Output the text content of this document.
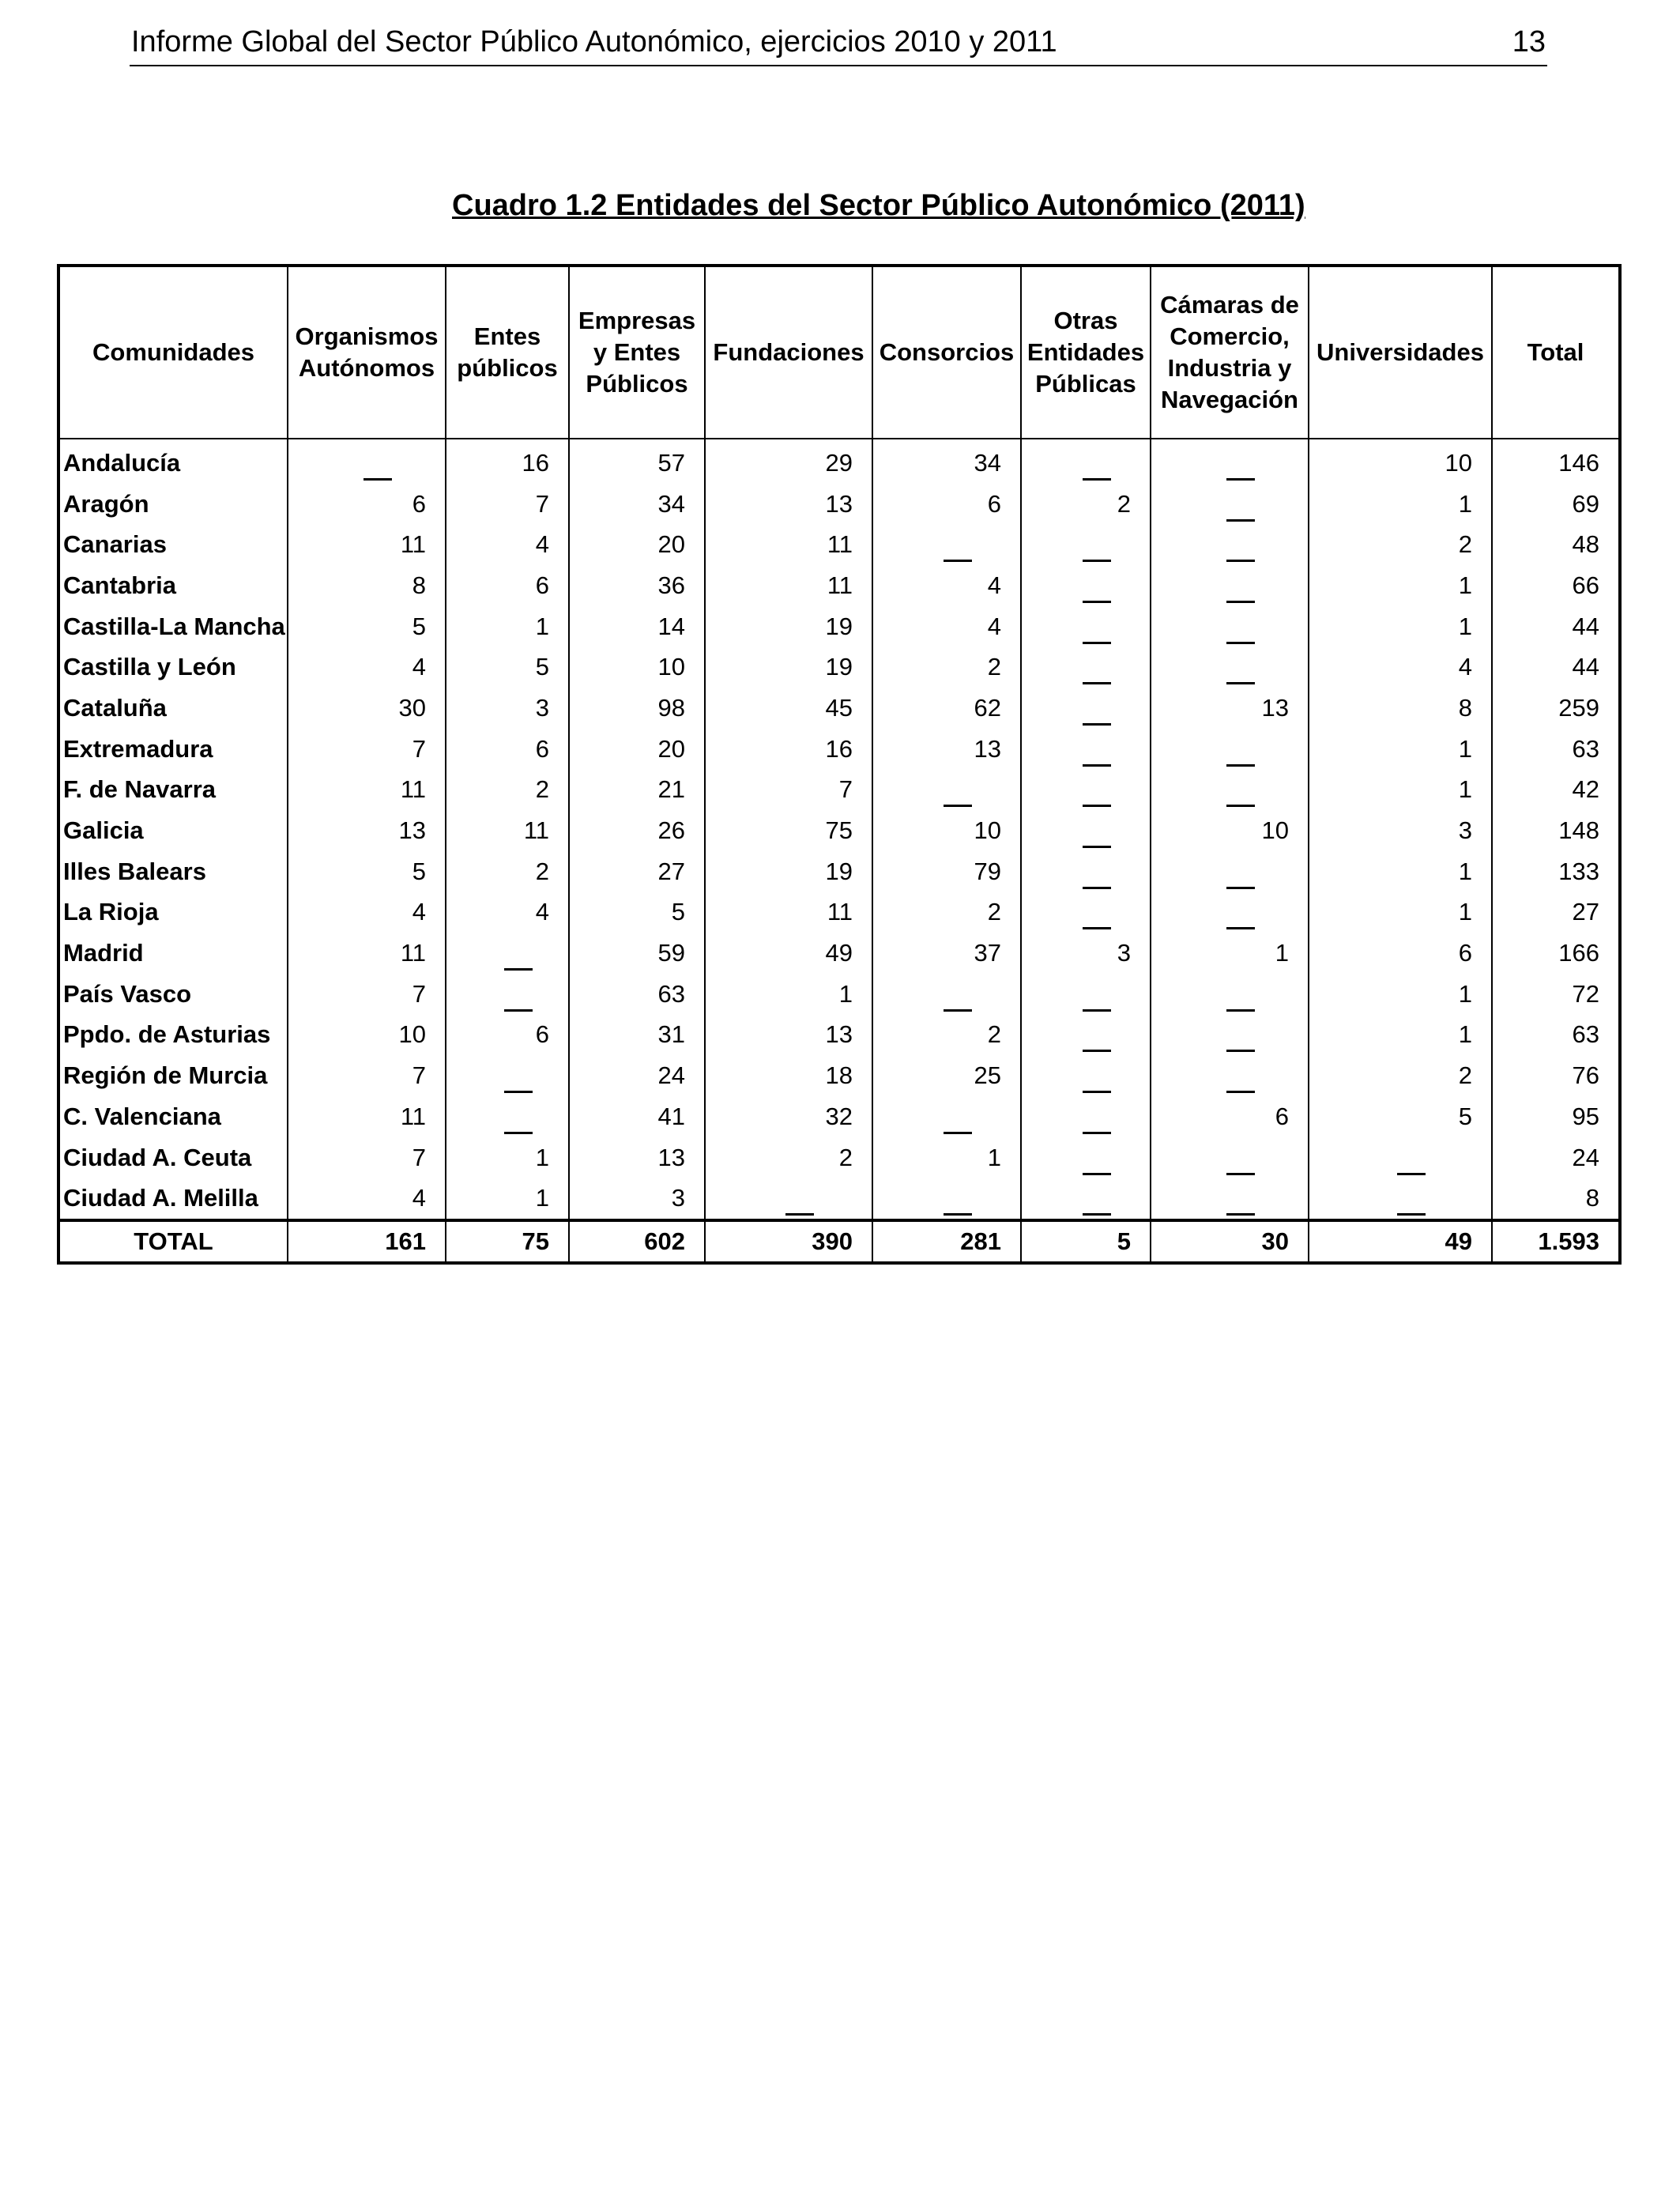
Informe Global del Sector Público Autonómico, ejercicios 2010 y 2011	13
Cuadro 1.2 Entidades del Sector Público Autonómico (2011)
Comunidades	Organismos Autónomos	Entes públicos	Empresas y Entes Públicos	Fundaciones	Consorcios	Otras Entidades Públicas	Cámaras de Comercio, Industria y Navegación	Universidades	Total
Andalucía		16	57	29	34			10	146
Aragón	6	7	34	13	6	2		1	69
Canarias	11	4	20	11				2	48
Cantabria	8	6	36	11	4			1	66
Castilla-La Mancha	5	1	14	19	4			1	44
Castilla y León	4	5	10	19	2			4	44
Cataluña	30	3	98	45	62		13	8	259
Extremadura	7	6	20	16	13			1	63
F. de Navarra	11	2	21	7				1	42
Galicia	13	11	26	75	10		10	3	148
Illes Balears	5	2	27	19	79			1	133
La Rioja	4	4	5	11	2			1	27
Madrid	11		59	49	37	3	1	6	166
País Vasco	7		63	1				1	72
Ppdo. de Asturias	10	6	31	13	2			1	63
Región de Murcia	7		24	18	25			2	76
C. Valenciana	11		41	32			6	5	95
Ciudad A. Ceuta	7	1	13	2	1				24
Ciudad A. Melilla	4	1	3						8
TOTAL	161	75	602	390	281	5	30	49	1.593
